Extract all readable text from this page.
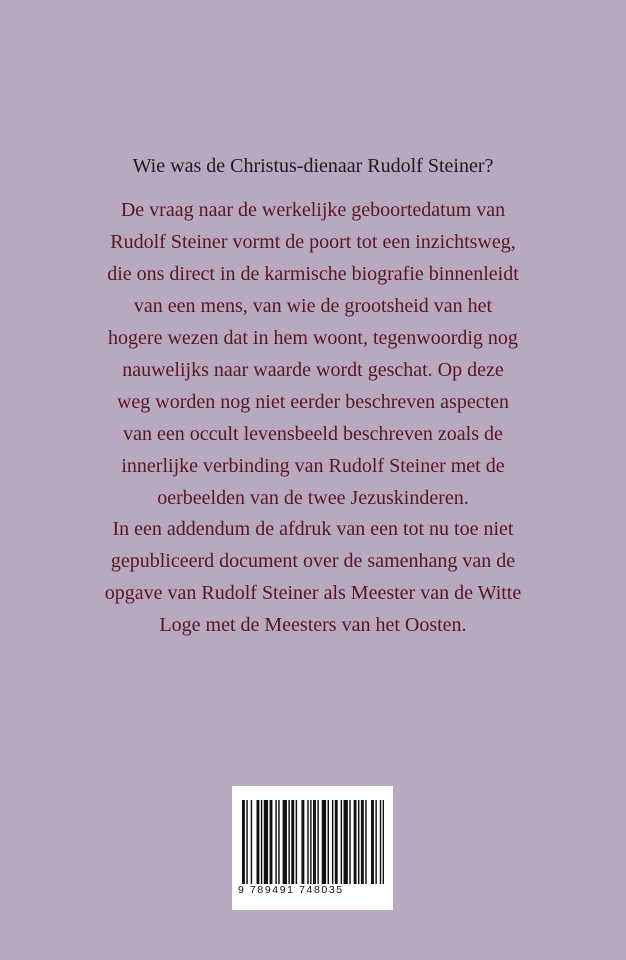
Wie was de Christus-dienaar Rudolf Steiner?

De vraag naar de werkelijke geboortedatum van
Rudolf Steiner vormt de poort tot een inzichtsweg,
die ons direct in de karmische biografie binnenleidt
van een mens, van wie de grootsheid van het
hogere wezen dat in hem woont, tegenwoordig nog
nauwelijks naar waarde wordt geschat. Op deze
weg worden nog niet eerder beschreven aspecten
van een occult levensbeeld beschreven zoals de
innerlijke verbinding van Rudolf Steiner met de
oerbeelden van de twee Jezuskinderen.

In een addendum de afdruk van een tot nu toe niet
gepubliceerd document over de samenhang van de
opgave van Rudolf Steiner als Meester van de Witte
Loge met de Meesters van het Oosten.

9 789491 748035
